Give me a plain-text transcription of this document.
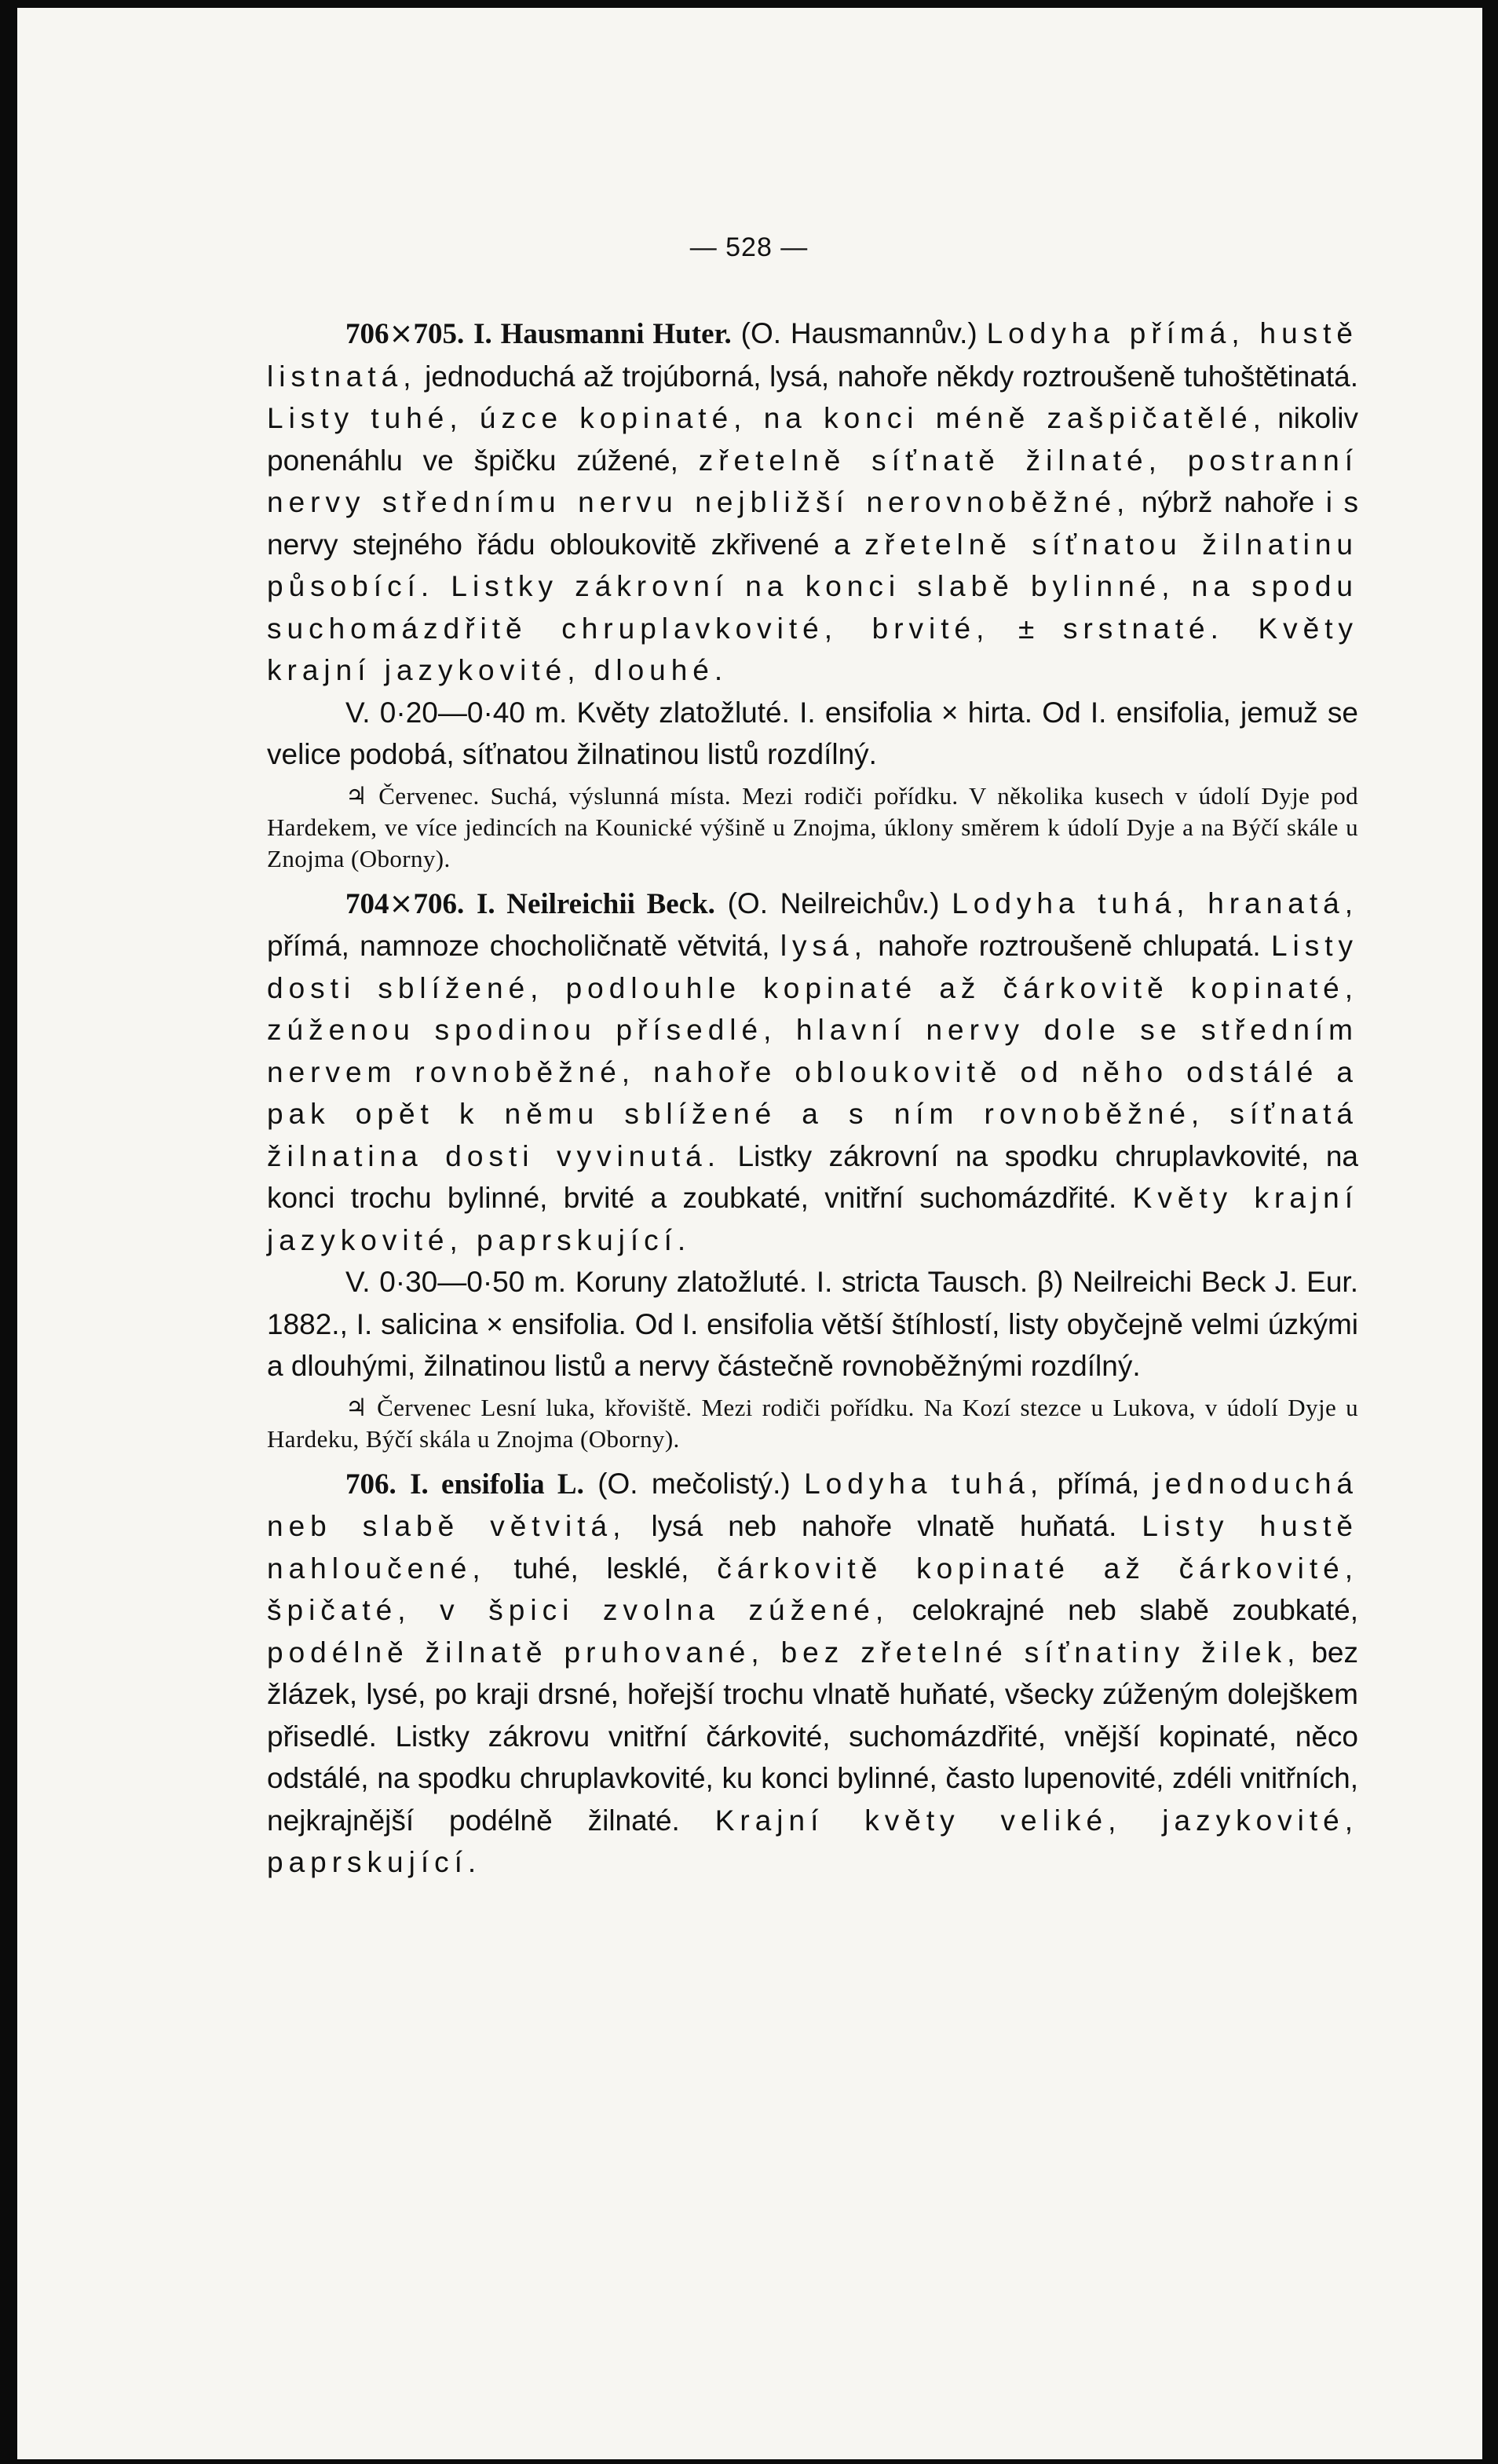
— 528 —

706×705. I. Hausmanni Huter. (O. Hausmannův.) Lodyha přímá, hustě listnatá, jednoduchá až trojúborná, lysá, nahoře někdy roztroušeně tuhoštětinatá. Listy tuhé, úzce kopinaté, na konci méně zašpičatělé, nikoliv ponenáhlu ve špičku zúžené, zřetelně síťnatě žilnaté, postranní nervy střednímu nervu nejbližší nerovnoběžné, nýbrž nahoře i s nervy stejného řádu obloukovitě zkřivené a zřetelně síťnatou žilnatinu působící. Listky zákrovní na konci slabě bylinné, na spodu suchomázdřitě chruplavkovité, brvité, ± srstnaté. Květy krajní jazykovité, dlouhé.

V. 0·20—0·40 m. Květy zlatožluté. I. ensifolia × hirta. Od I. ensifolia, jemuž se velice podobá, síťnatou žilnatinou listů rozdílný.

♃ Červenec. Suchá, výslunná místa. Mezi rodiči pořídku. V několika kusech v údolí Dyje pod Hardekem, ve více jedincích na Kounické výšině u Znojma, úklony směrem k údolí Dyje a na Býčí skále u Znojma (Oborny).

704×706. I. Neilreichii Beck. (O. Neilreichův.) Lodyha tuhá, hranatá, přímá, namnoze chocholičnatě větvitá, lysá, nahoře roztroušeně chlupatá. Listy dosti sblížené, podlouhle kopinaté až čárkovitě kopinaté, zúženou spodinou přísedlé, hlavní nervy dole se středním nervem rovnoběžné, nahoře obloukovitě od něho odstálé a pak opět k němu sblížené a s ním rovnoběžné, síťnatá žilnatina dosti vyvinutá. Listky zákrovní na spodku chruplavkovité, na konci trochu bylinné, brvité a zoubkaté, vnitřní suchomázdřité. Květy krajní jazykovité, paprskující.

V. 0·30—0·50 m. Koruny zlatožluté. I. stricta Tausch. β) Neilreichi Beck J. Eur. 1882., I. salicina × ensifolia. Od I. ensifolia větší štíhlostí, listy obyčejně velmi úzkými a dlouhými, žilnatinou listů a nervy částečně rovnoběžnými rozdílný.

♃ Červenec Lesní luka, křoviště. Mezi rodiči pořídku. Na Kozí stezce u Lukova, v údolí Dyje u Hardeku, Býčí skála u Znojma (Oborny).

706. I. ensifolia L. (O. mečolistý.) Lodyha tuhá, přímá, jednoduchá neb slabě větvitá, lysá neb nahoře vlnatě huňatá. Listy hustě nahloučené, tuhé, lesklé, čárkovitě kopinaté až čárkovité, špičaté, v špici zvolna zúžené, celokrajné neb slabě zoubkaté, podélně žilnatě pruhované, bez zřetelné síťnatiny žilek, bez žlázek, lysé, po kraji drsné, hořejší trochu vlnatě huňaté, všecky zúženým dolejškem přisedlé. Listky zákrovu vnitřní čárkovité, suchomázdřité, vnější kopinaté, něco odstálé, na spodku chruplavkovité, ku konci bylinné, často lupenovité, zdéli vnitřních, nejkrajnější podélně žilnaté. Krajní květy veliké, jazykovité, paprskující.
